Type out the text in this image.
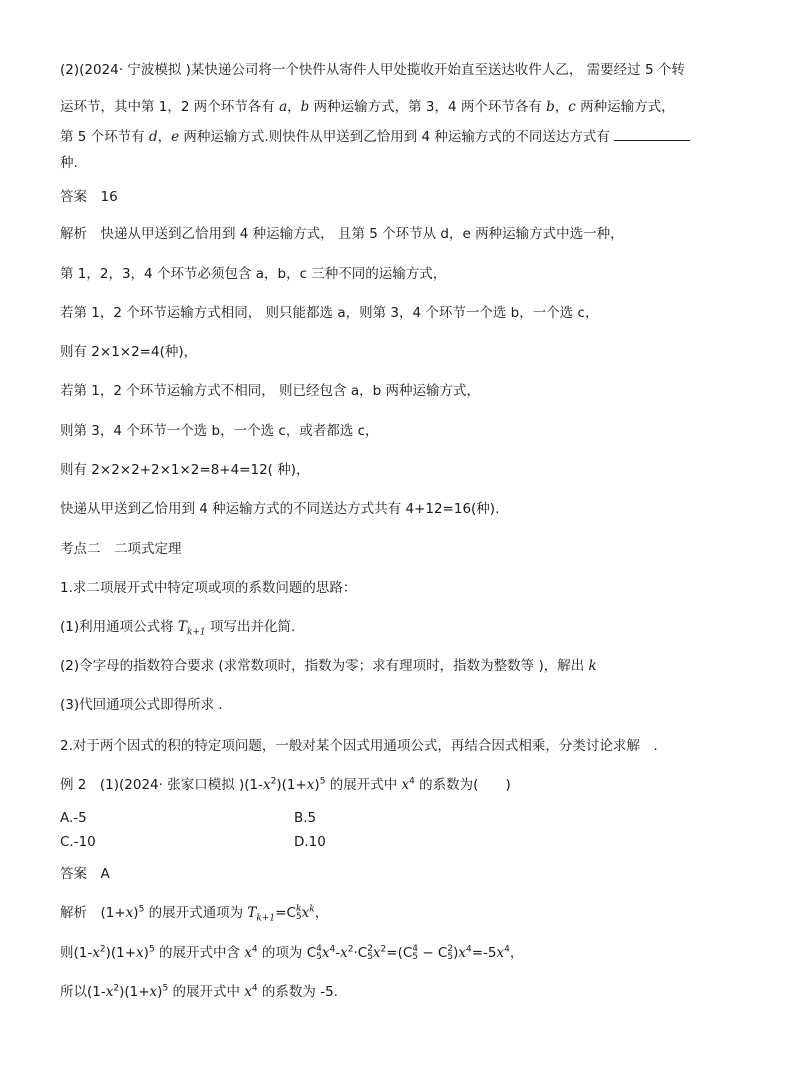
(2)(2024· 宁波模拟 )某快递公司将一个快件从寄件人甲处揽收开始直至送达收件人乙， 需要经过 5 个转
运环节，其中第 1，2 两个环节各有 a，b 两种运输方式，第 3，4 两个环节各有 b，c 两种运输方式，
第 5 个环节有 d，e 两种运输方式.则快件从甲送到乙恰用到 4 种运输方式的不同送达方式有
种.
答案　16
解析　快递从甲送到乙恰用到 4 种运输方式， 且第 5 个环节从 d，e 两种运输方式中选一种，
第 1，2，3，4 个环节必须包含 a，b，c 三种不同的运输方式，
若第 1，2 个环节运输方式相同， 则只能都选 a，则第 3，4 个环节一个选 b，一个选 c，
则有 2×1×2=4(种)，
若第 1，2 个环节运输方式不相同， 则已经包含 a，b 两种运输方式，
则第 3，4 个环节一个选 b，一个选 c，或者都选 c，
则有 2×2×2+2×1×2=8+4=12( 种)，
快递从甲送到乙恰用到 4 种运输方式的不同送达方式共有 4+12=16(种).
考点二　二项式定理
1.求二项展开式中特定项或项的系数问题的思路：
(1)利用通项公式将 $T_{k+1}$ 项写出并化简.
(2)令字母的指数符合要求 (求常数项时，指数为零；求有理项时，指数为整数等 )，解出 k
(3)代回通项公式即得所求 .
2.对于两个因式的积的特定项问题，一般对某个因式用通项公式，再结合因式相乘，分类讨论求解　.
例 2　(1)(2024· 张家口模拟 )$(1-x^2)(1+x)^5$ 的展开式中 $x^4$ 的系数为(　　)
A.-5	B.5
C.-10	D.10
答案　A
解析　$(1+x)^5$ 的展开式通项为 $T_{k+1}=C$ k
5 $x^k$，
则$(1-x^2)(1+x)^5$ 的展开式中含 $x^4$ 的项为 C 4
5 $x^4-x^2\cdot C$ 2
5 $x^2=(C$ 4
5 − C 2
5 )$x^4=-5x^4$，
所以$(1-x^2)(1+x)^5$ 的展开式中 $x^4$ 的系数为 -5.
